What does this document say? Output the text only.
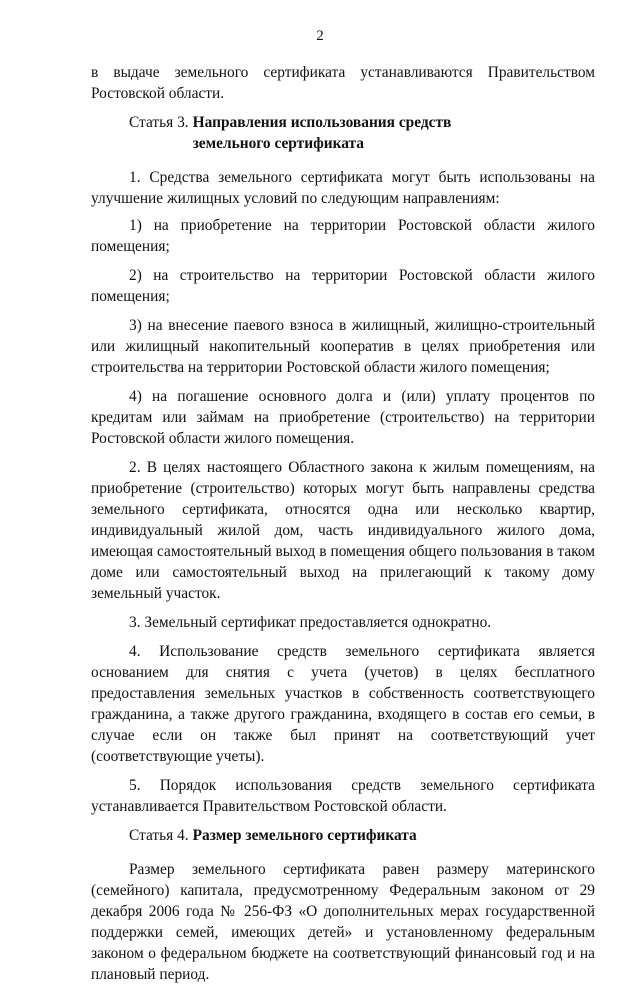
2

в выдаче земельного сертификата устанавливаются Правительством Ростовской области.

Статья 3. Направления использования средств земельного сертификата

1. Средства земельного сертификата могут быть использованы на улучшение жилищных условий по следующим направлениям:

1) на приобретение на территории Ростовской области жилого помещения;

2) на строительство на территории Ростовской области жилого помещения;

3) на внесение паевого взноса в жилищный, жилищно-строительный или жилищный накопительный кооператив в целях приобретения или строительства на территории Ростовской области жилого помещения;

4) на погашение основного долга и (или) уплату процентов по кредитам или займам на приобретение (строительство) на территории Ростовской области жилого помещения.

2. В целях настоящего Областного закона к жилым помещениям, на приобретение (строительство) которых могут быть направлены средства земельного сертификата, относятся одна или несколько квартир, индивидуальный жилой дом, часть индивидуального жилого дома, имеющая самостоятельный выход в помещения общего пользования в таком доме или самостоятельный выход на прилегающий к такому дому земельный участок.

3. Земельный сертификат предоставляется однократно.

4. Использование средств земельного сертификата является основанием для снятия с учета (учетов) в целях бесплатного предоставления земельных участков в собственность соответствующего гражданина, а также другого гражданина, входящего в состав его семьи, в случае если он также был принят на соответствующий учет (соответствующие учеты).

5. Порядок использования средств земельного сертификата устанавливается Правительством Ростовской области.

Статья 4. Размер земельного сертификата

Размер земельного сертификата равен размеру материнского (семейного) капитала, предусмотренному Федеральным законом от 29 декабря 2006 года № 256-ФЗ «О дополнительных мерах государственной поддержки семей, имеющих детей» и установленному федеральным законом о федеральном бюджете на соответствующий финансовый год и на плановый период.
